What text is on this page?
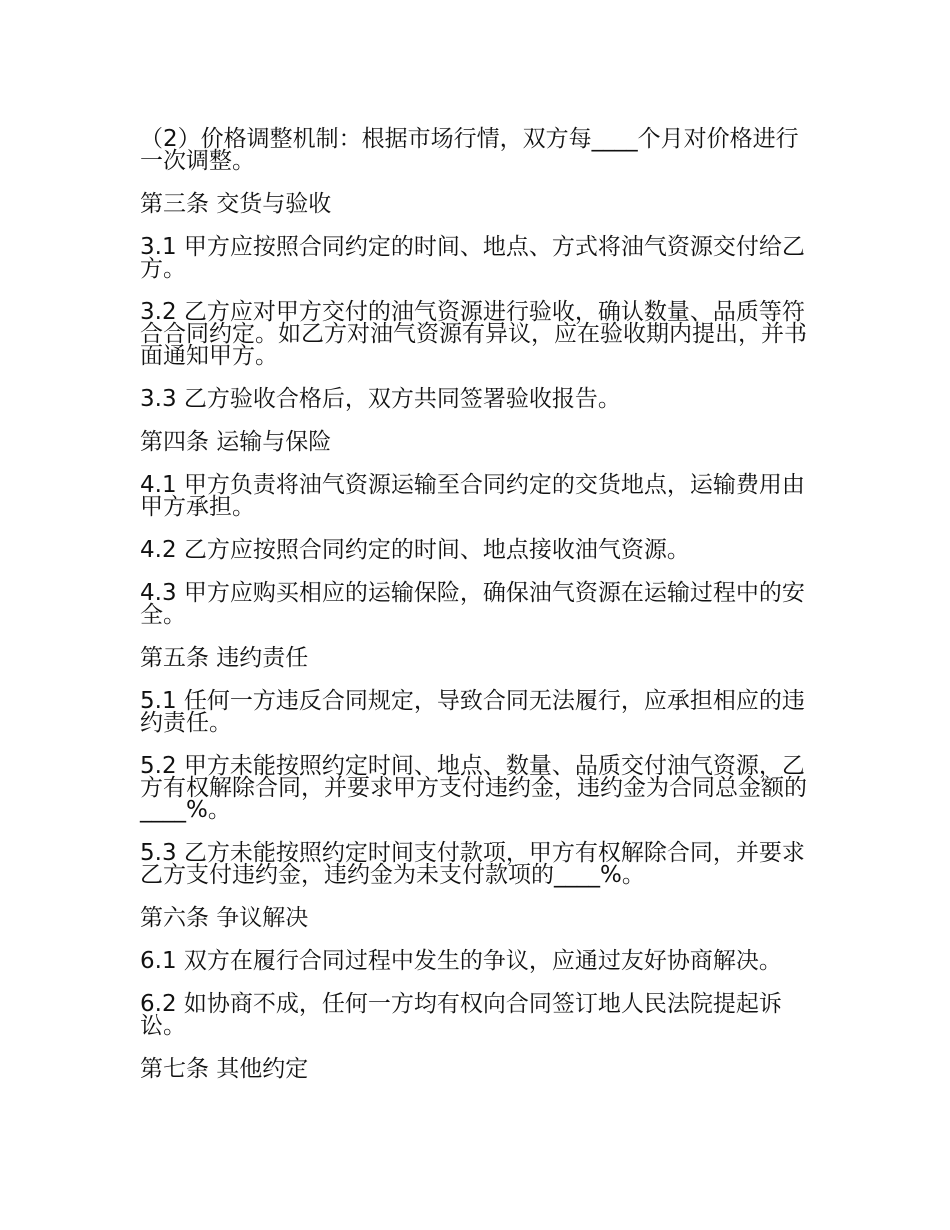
（2）价格调整机制：根据市场行情，双方每____个月对价格进行一次调整。

第三条 交货与验收

3.1 甲方应按照合同约定的时间、地点、方式将油气资源交付给乙方。

3.2 乙方应对甲方交付的油气资源进行验收，确认数量、品质等符合合同约定。如乙方对油气资源有异议，应在验收期内提出，并书面通知甲方。

3.3 乙方验收合格后，双方共同签署验收报告。

第四条 运输与保险

4.1 甲方负责将油气资源运输至合同约定的交货地点，运输费用由甲方承担。

4.2 乙方应按照合同约定的时间、地点接收油气资源。

4.3 甲方应购买相应的运输保险，确保油气资源在运输过程中的安全。

第五条 违约责任

5.1 任何一方违反合同规定，导致合同无法履行，应承担相应的违约责任。

5.2 甲方未能按照约定时间、地点、数量、品质交付油气资源，乙方有权解除合同，并要求甲方支付违约金，违约金为合同总金额的____%。

5.3 乙方未能按照约定时间支付款项，甲方有权解除合同，并要求乙方支付违约金，违约金为未支付款项的____%。

第六条 争议解决

6.1 双方在履行合同过程中发生的争议，应通过友好协商解决。

6.2 如协商不成，任何一方均有权向合同签订地人民法院提起诉讼。

第七条 其他约定
